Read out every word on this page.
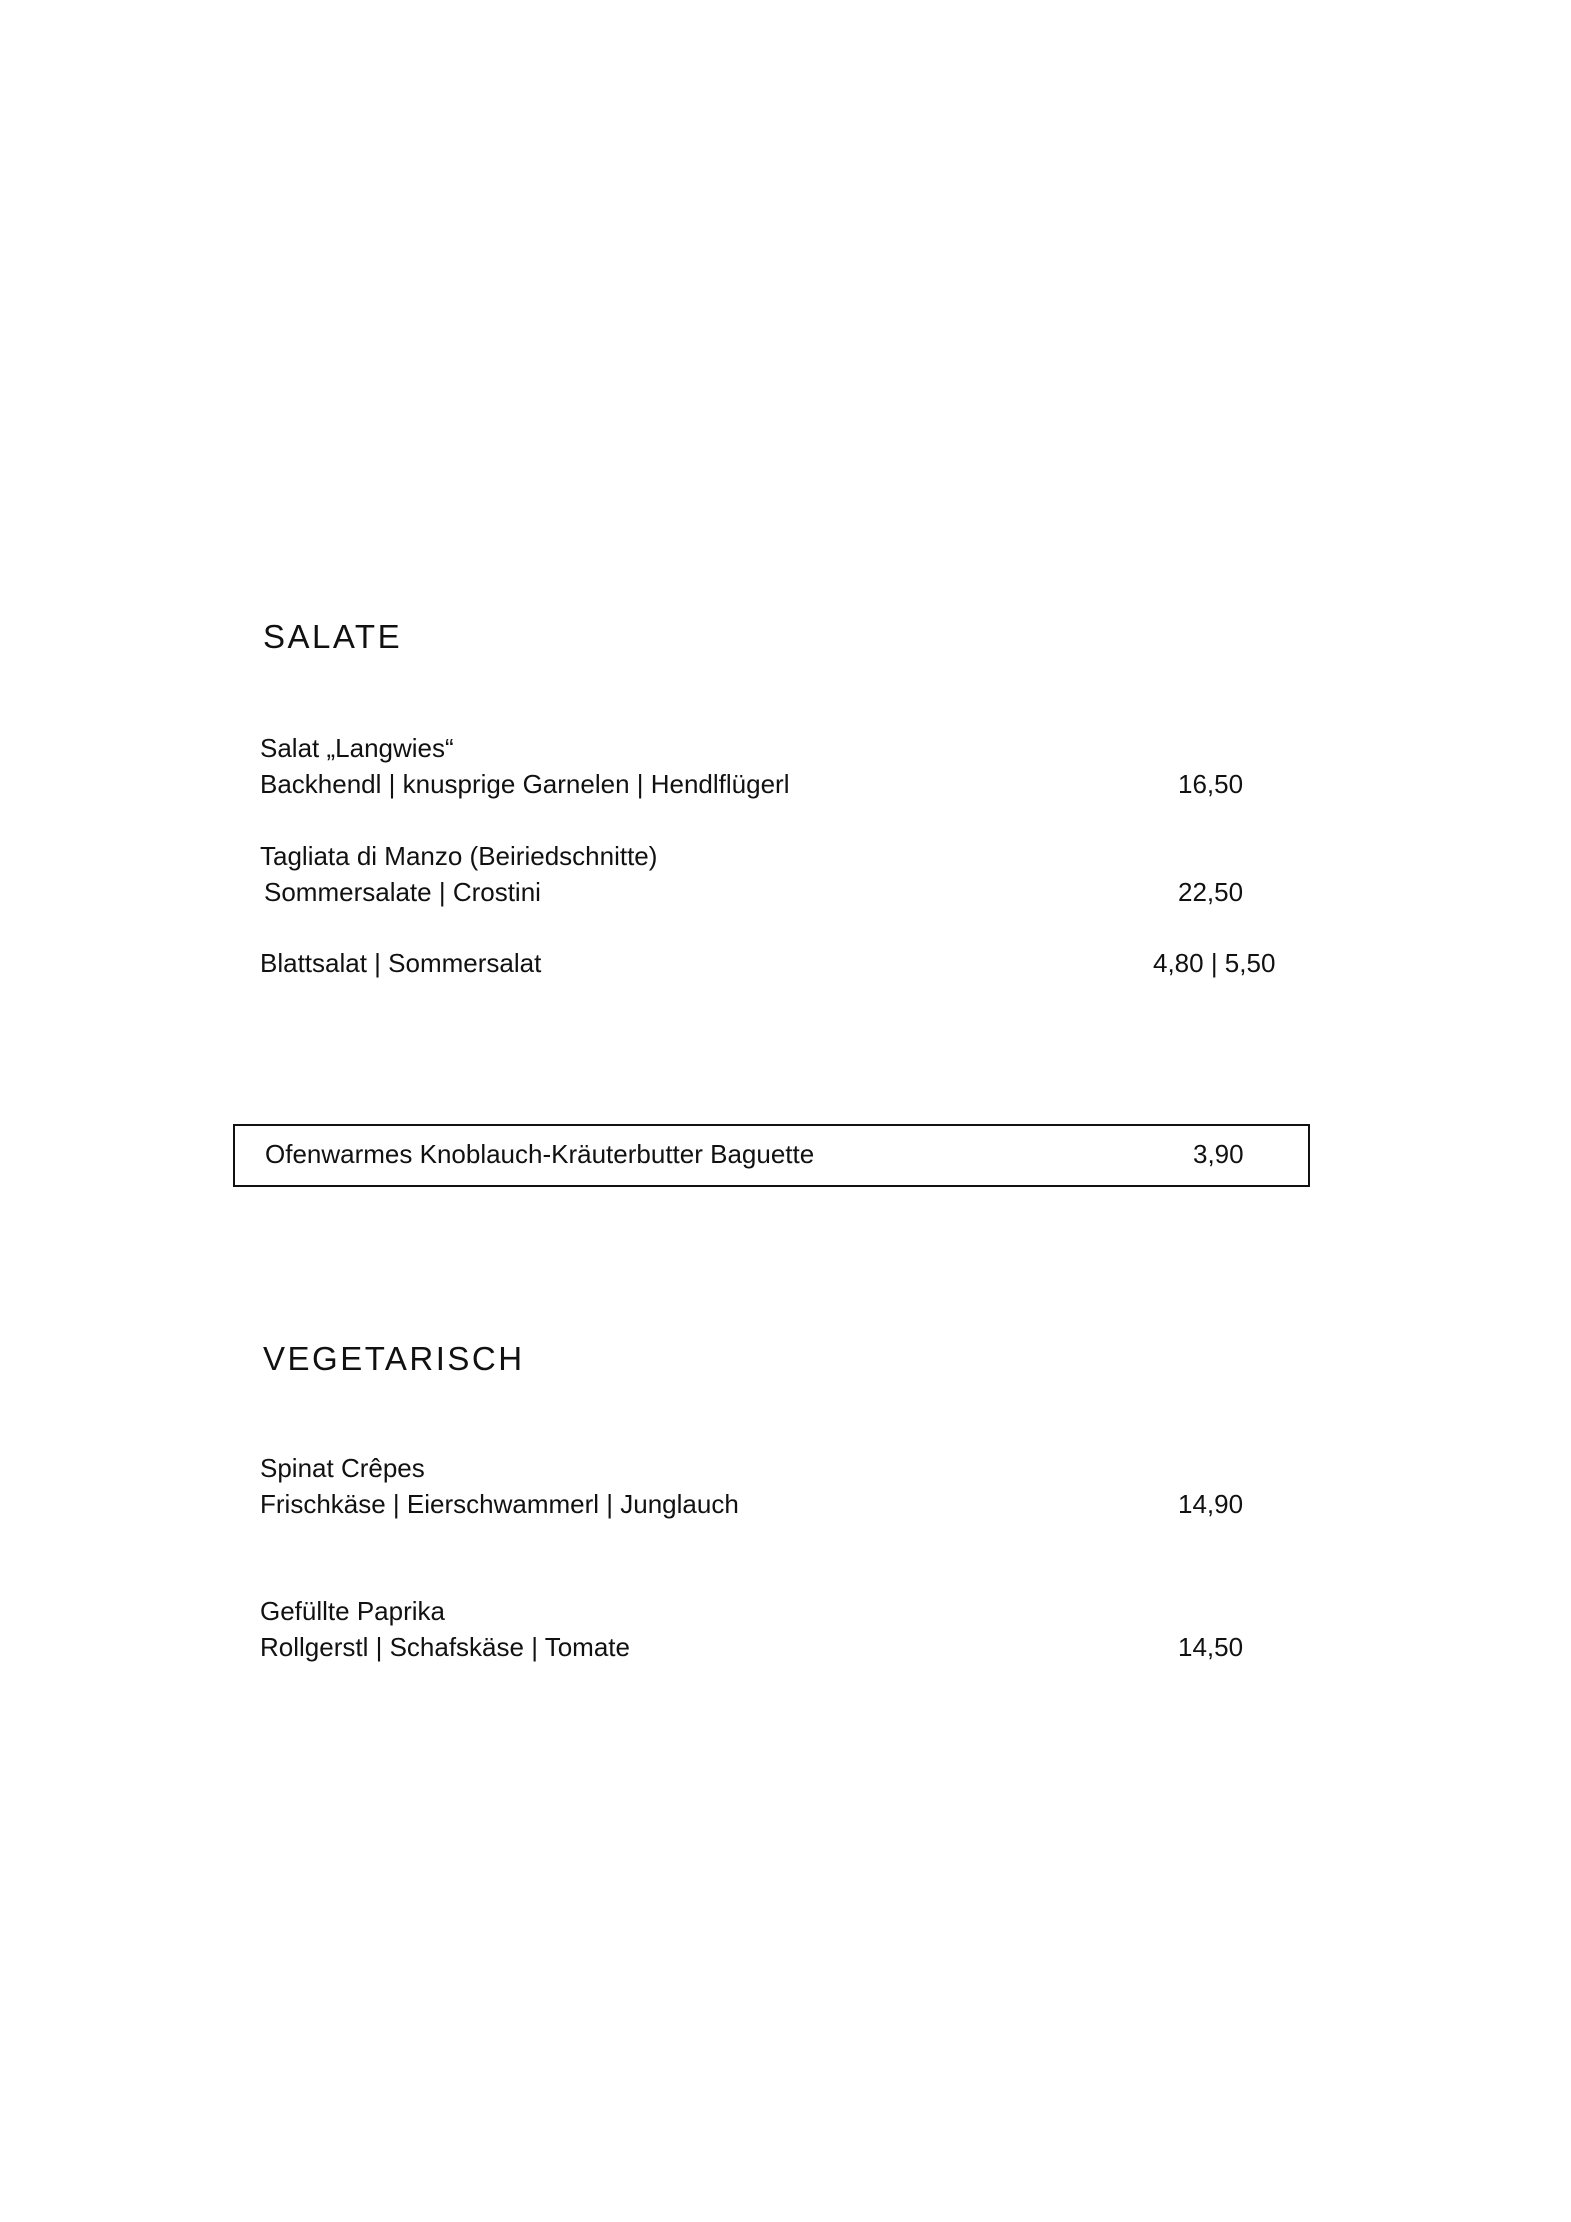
SALATE
Salat „Langwies“
Backhendl | knusprige Garnelen | Hendlflügerl	16,50
Tagliata di Manzo (Beiriedschnitte)
Sommersalate | Crostini	22,50
Blattsalat | Sommersalat	4,80 | 5,50
Ofenwarmes Knoblauch-Kräuterbutter Baguette	3,90
VEGETARISCH
Spinat Crêpes
Frischkäse | Eierschwammerl | Junglauch	14,90
Gefüllte Paprika
Rollgerstl | Schafskäse | Tomate	14,50
